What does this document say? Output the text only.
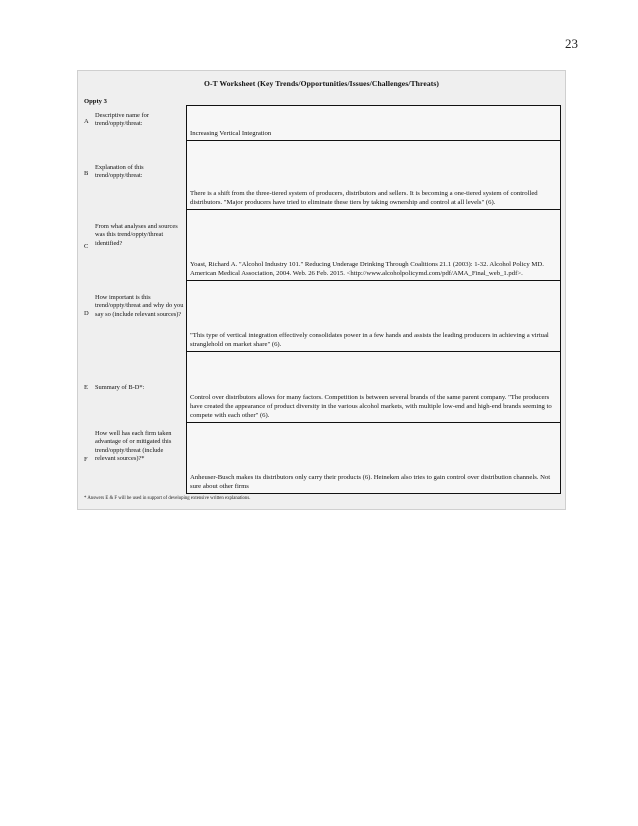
23
O-T Worksheet (Key Trends/Opportunities/Issues/Challenges/Threats)
Oppty 3
A
Descriptive name for trend/oppty/threat:
Increasing Vertical Integration
B
Explanation of this trend/oppty/threat:
There is a shift from the three-tiered system of producers, distributors and sellers. It is becoming a one-tiered system of controlled distributors. "Major producers have tried to eliminate these tiers by taking ownership and control at all levels" (6).
C
From what analyses and sources was this trend/oppty/threat identified?
Yoast, Richard A. "Alcohol Industry 101." Reducing Underage Drinking Through Coalitions 21.1 (2003): 1-32. Alcohol Policy MD. American Medical Association, 2004. Web. 26 Feb. 2015. <http://www.alcoholpolicymd.com/pdf/AMA_Final_web_1.pdf>.
D
How important is this trend/oppty/threat and why do you say so (include relevant sources)?
"This type of vertical integration effectively consolidates power in a few hands and assists the leading producers in achieving a virtual stranglehold on market share" (6).
E Summary of B-D*:
Control over distributors allows for many factors. Competition is between several brands of the same parent company. "The producers have created the appearance of product diversity in the various alcohol markets, with multiple low-end and high-end brands seeming to compete with each other" (6).
F
How well has each firm taken advantage of or mitigated this trend/oppty/threat (include relevant sources)?*
Anheuser-Busch makes its distributors only carry their products (6). Heineken also tries to gain control over distribution channels. Not sure about other firms
* Answers E & F will be used in support of developing extensive written explanations.
